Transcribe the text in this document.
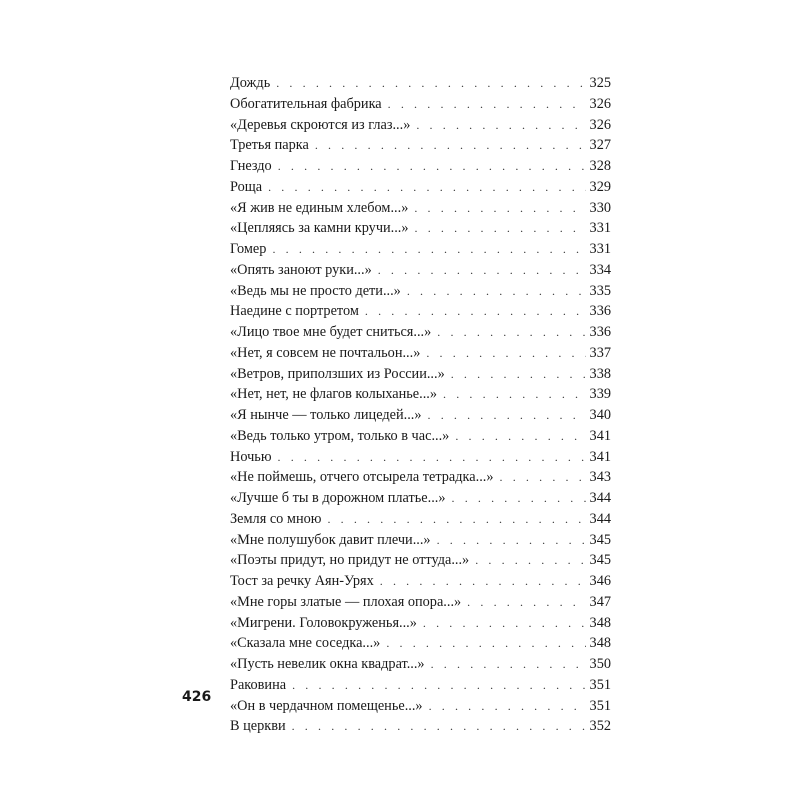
426
Дождь . . .	325
Обогатительная фабрика . . .	326
«Деревья скроются из глаз...» . . .	326
Третья парка . . .	327
Гнездо . . .	328
Роща . . .	329
«Я жив не единым хлебом...» . . .	330
«Цепляясь за камни кручи...» . . .	331
Гомер . . .	331
«Опять заноют руки...» . . .	334
«Ведь мы не просто дети...» . . .	335
Наедине с портретом . . .	336
«Лицо твое мне будет сниться...» . . .	336
«Нет, я совсем не почтальон...» . . .	337
«Ветров, приползших из России...» . . .	338
«Нет, нет, не флагов колыханье...» . . .	339
«Я нынче — только лицедей...» . . .	340
«Ведь только утром, только в час...» . . .	341
Ночью . . .	341
«Не поймешь, отчего отсырела тетрадка...» . . .	343
«Лучше б ты в дорожном платье...» . . .	344
Земля со мною . . .	344
«Мне полушубок давит плечи...» . . .	345
«Поэты придут, но придут не оттуда...» . . .	345
Тост за речку Аян-Урях . . .	346
«Мне горы златые — плохая опора...» . . .	347
«Мигрени. Головокруженья...» . . .	348
«Сказала мне соседка...» . . .	348
«Пусть невелик окна квадрат...» . . .	350
Раковина . . .	351
«Он в чердачном помещенье...» . . .	351
В церкви . . .	352
